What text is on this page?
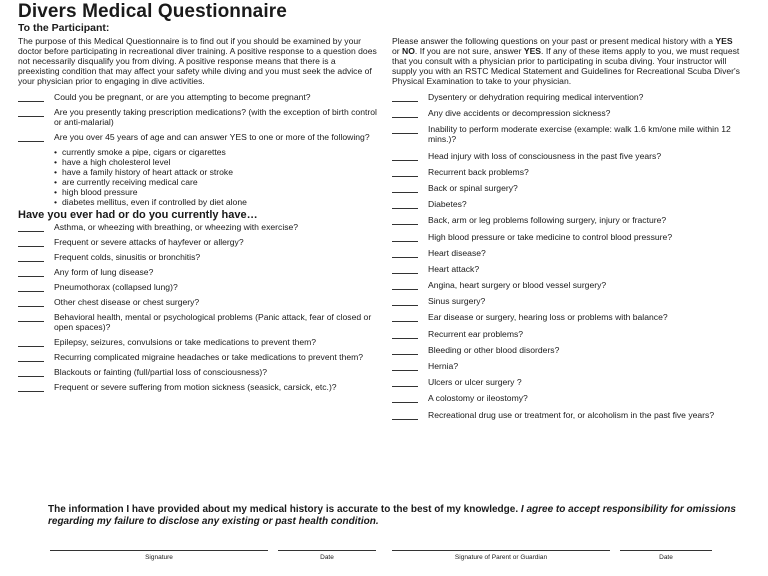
Divers Medical Questionnaire
To the Participant:

The purpose of this Medical Questionnaire is to find out if you should be examined by your doctor before participating in recreational diver training. A positive response to a question does not necessarily disqualify you from diving. A positive response means that there is a preexisting condition that may affect your safety while diving and you must seek the advice of your physician prior to engaging in dive activities.

Could you be pregnant, or are you attempting to become pregnant?
Are you presently taking prescription medications? (with the exception of birth control or anti-malarial)
Are you over 45 years of age and can answer YES to one or more of the following?
• currently smoke a pipe, cigars or cigarettes
• have a high cholesterol level
• have a family history of heart attack or stroke
• are currently receiving medical care
• high blood pressure
• diabetes mellitus, even if controlled by diet alone
Have you ever had or do you currently have…
Asthma, or wheezing with breathing, or wheezing with exercise?
Frequent or severe attacks of hayfever or allergy?
Frequent colds, sinusitis or bronchitis?
Any form of lung disease?
Pneumothorax (collapsed lung)?
Other chest disease or chest surgery?
Behavioral health, mental or psychological problems (Panic attack, fear of closed or open spaces)?
Epilepsy, seizures, convulsions or take medications to prevent them?
Recurring complicated migraine headaches or take medications to prevent them?
Blackouts or fainting (full/partial loss of consciousness)?
Frequent or severe suffering from motion sickness (seasick, carsick, etc.)?

Please answer the following questions on your past or present medical history with a YES or NO. If you are not sure, answer YES. If any of these items apply to you, we must request that you consult with a physician prior to participating in scuba diving. Your instructor will supply you with an RSTC Medical Statement and Guidelines for Recreational Scuba Diver's Physical Examination to take to your physician.

Dysentery or dehydration requiring medical intervention?
Any dive accidents or decompression sickness?
Inability to perform moderate exercise (example: walk 1.6 km/one mile within 12 mins.)?
Head injury with loss of consciousness in the past five years?
Recurrent back problems?
Back or spinal surgery?
Diabetes?
Back, arm or leg problems following surgery, injury or fracture?
High blood pressure or take medicine to control blood pressure?
Heart disease?
Heart attack?
Angina, heart surgery or blood vessel surgery?
Sinus surgery?
Ear disease or surgery, hearing loss or problems with balance?
Recurrent ear problems?
Bleeding or other blood disorders?
Hernia?
Ulcers or ulcer surgery ?
A colostomy or ileostomy?
Recreational drug use or treatment for, or alcoholism in the past five years?
The information I have provided about my medical history is accurate to the best of my knowledge. I agree to accept responsibility for omissions regarding my failure to disclose any existing or past health condition.
Signature	Date	Signature of Parent or Guardian	Date
